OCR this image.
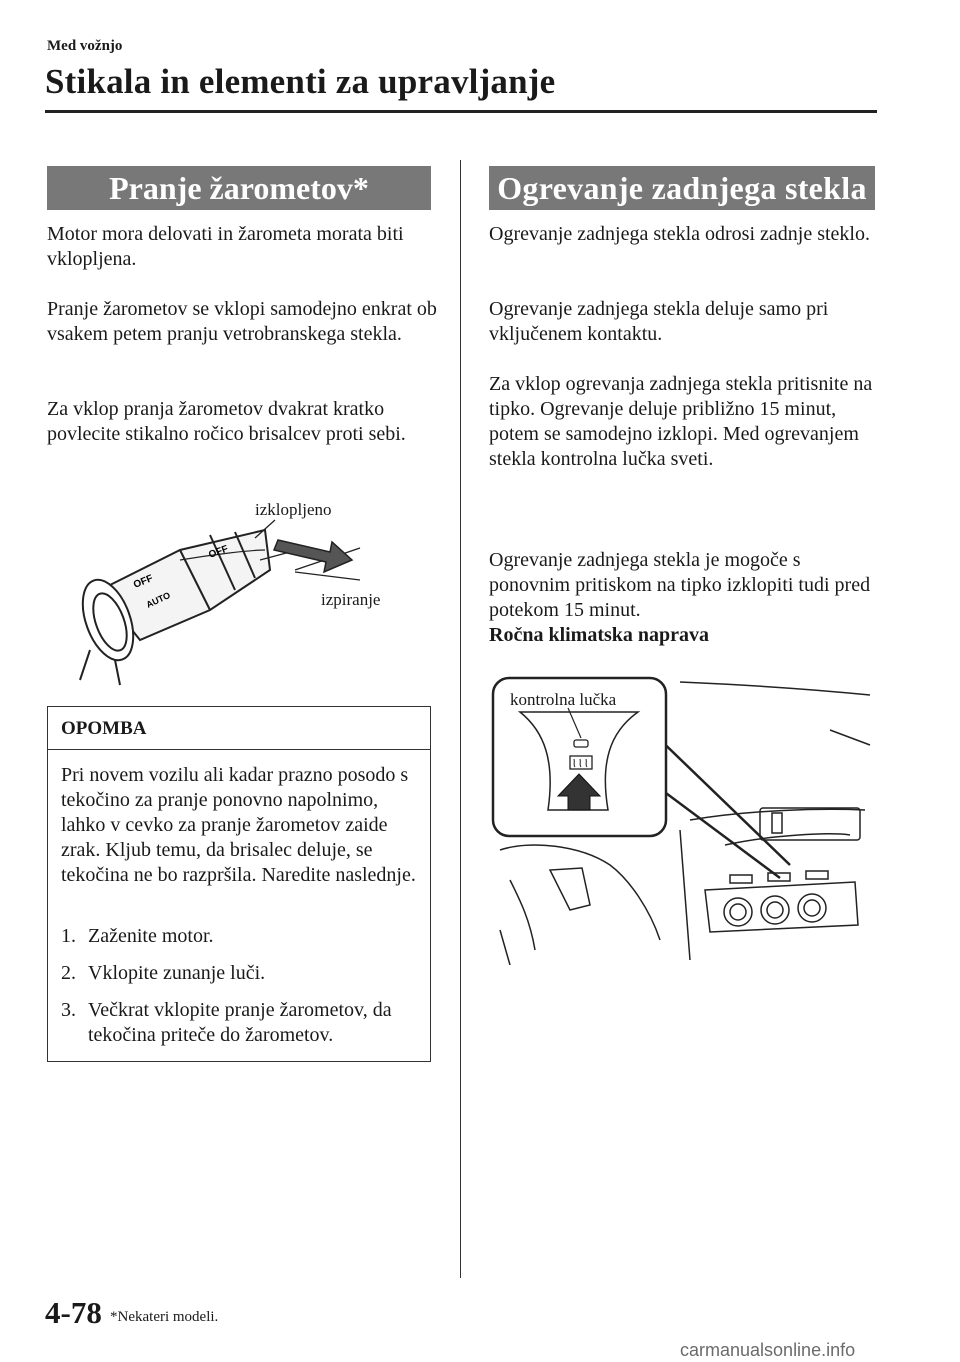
Med vožnjo
Stikala in elementi za upravljanje
Pranje žarometov*
Motor mora delovati in žarometa morata biti vklopljena.
Pranje žarometov se vklopi samodejno enkrat ob vsakem petem pranju vetrobranskega stekla.
Za vklop pranja žarometov dvakrat kratko povlecite stikalno ročico brisalcev proti sebi.
OFF
OFF
AUTO
izklopljeno
izpiranje
OPOMBA
Pri novem vozilu ali kadar prazno posodo s tekočino za pranje ponovno napolnimo, lahko v cevko za pranje žarometov zaide zrak. Kljub temu, da brisalec deluje, se tekočina ne bo razpršila. Naredite naslednje.
1. Zaženite motor.
2. Vklopite zunanje luči.
3. Večkrat vklopite pranje žarometov, da tekočina priteče do žarometov.
Ogrevanje zadnjega stekla
Ogrevanje zadnjega stekla odrosi zadnje steklo.
Ogrevanje zadnjega stekla deluje samo pri vključenem kontaktu.
Za vklop ogrevanja zadnjega stekla pritisnite na tipko. Ogrevanje deluje približno 15 minut, potem se samodejno izklopi. Med ogrevanjem stekla kontrolna lučka sveti.
Ogrevanje zadnjega stekla je mogoče s ponovnim pritiskom na tipko izklopiti tudi pred potekom 15 minut.
Ročna klimatska naprava
kontrolna lučka
4-78 *Nekateri modeli.
carmanualsonline.info
